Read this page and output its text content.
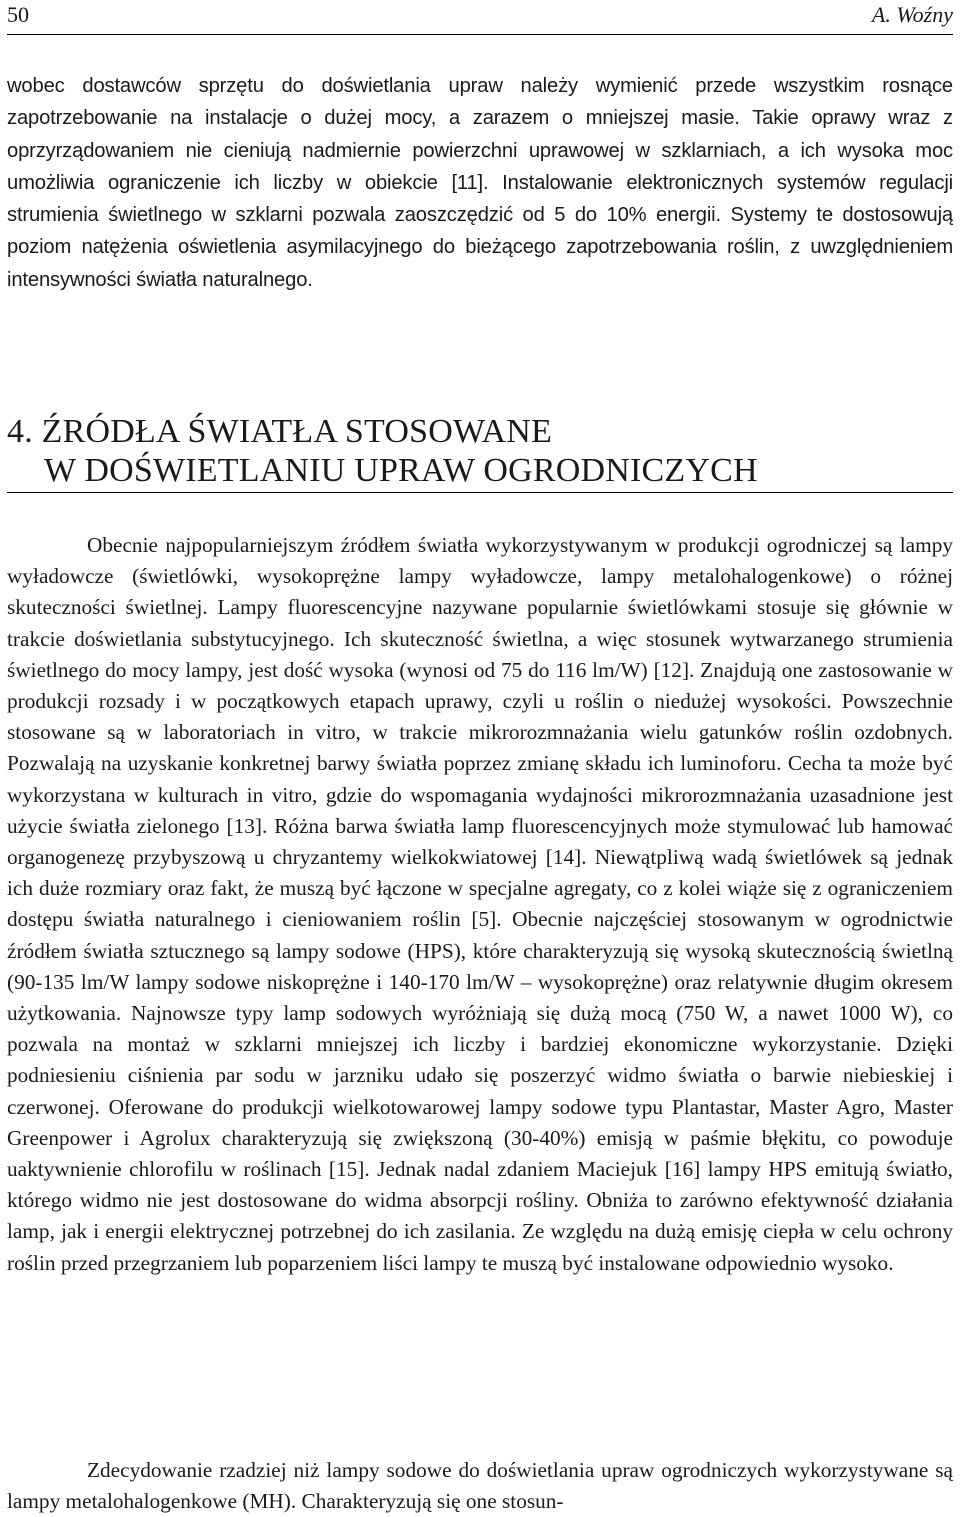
50	A. Woźny

wobec dostawców sprzętu do doświetlania upraw należy wymienić przede wszystkim rosnące zapotrzebowanie na instalacje o dużej mocy, a zarazem o mniejszej masie. Takie oprawy wraz z oprzyrządowaniem nie cieniują nadmiernie powierzchni uprawowej w szklarniach, a ich wysoka moc umożliwia ograniczenie ich liczby w obiekcie [11]. Instalowanie elektronicznych systemów regulacji strumienia świetlnego w szklarni pozwala zaoszczędzić od 5 do 10% energii. Systemy te dostosowują poziom natężenia oświetlenia asymilacyjnego do bieżącego zapotrzebowania roślin, z uwzględnieniem intensywności światła naturalnego.

4. ŹRÓDŁA ŚWIATŁA STOSOWANE
W DOŚWIETLANIU UPRAW OGRODNICZYCH

Obecnie najpopularniejszym źródłem światła wykorzystywanym w produkcji ogrodniczej są lampy wyładowcze (świetlówki, wysokoprężne lampy wyładowcze, lampy metalohalogenkowe) o różnej skuteczności świetlnej. Lampy fluorescencyjne nazywane popularnie świetlówkami stosuje się głównie w trakcie doświetlania substytucyjnego. Ich skuteczność świetlna, a więc stosunek wytwarzanego strumienia świetlnego do mocy lampy, jest dość wysoka (wynosi od 75 do 116 lm/W) [12]. Znajdują one zastosowanie w produkcji rozsady i w początkowych etapach uprawy, czyli u roślin o niedużej wysokości. Powszechnie stosowane są w laboratoriach in vitro, w trakcie mikrorozmnażania wielu gatunków roślin ozdobnych. Pozwalają na uzyskanie konkretnej barwy światła poprzez zmianę składu ich luminoforu. Cecha ta może być wykorzystana w kulturach in vitro, gdzie do wspomagania wydajności mikrorozmnażania uzasadnione jest użycie światła zielonego [13]. Różna barwa światła lamp fluorescencyjnych może stymulować lub hamować organogenezę przybyszową u chryzantemy wielkokwiatowej [14]. Niewątpliwą wadą świetlówek są jednak ich duże rozmiary oraz fakt, że muszą być łączone w specjalne agregaty, co z kolei wiąże się z ograniczeniem dostępu światła naturalnego i cieniowaniem roślin [5]. Obecnie najczęściej stosowanym w ogrodnictwie źródłem światła sztucznego są lampy sodowe (HPS), które charakteryzują się wysoką skutecznością świetlną (90-135 lm/W lampy sodowe niskoprężne i 140-170 lm/W – wysokoprężne) oraz relatywnie długim okresem użytkowania. Najnowsze typy lamp sodowych wyróżniają się dużą mocą (750 W, a nawet 1000 W), co pozwala na montaż w szklarni mniejszej ich liczby i bardziej ekonomiczne wykorzystanie. Dzięki podniesieniu ciśnienia par sodu w jarzniku udało się poszerzyć widmo światła o barwie niebieskiej i czerwonej. Oferowane do produkcji wielkotowarowej lampy sodowe typu Plantastar, Master Agro, Master Greenpower i Agrolux charakteryzują się zwiększoną (30-40%) emisją w paśmie błękitu, co powoduje uaktywnienie chlorofilu w roślinach [15]. Jednak nadal zdaniem Maciejuk [16] lampy HPS emitują światło, którego widmo nie jest dostosowane do widma absorpcji rośliny. Obniża to zarówno efektywność działania lamp, jak i energii elektrycznej potrzebnej do ich zasilania. Ze względu na dużą emisję ciepła w celu ochrony roślin przed przegrzaniem lub poparzeniem liści lampy te muszą być instalowane odpowiednio wysoko.

Zdecydowanie rzadziej niż lampy sodowe do doświetlania upraw ogrodniczych wykorzystywane są lampy metalohalogenkowe (MH). Charakteryzują się one stosun-
